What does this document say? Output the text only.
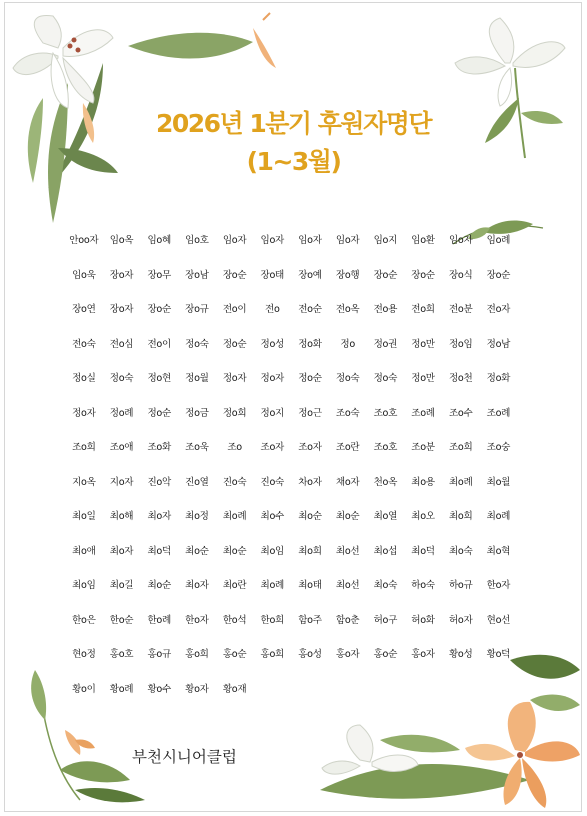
2026년 1분기 후원자명단
(1~3월)
안oo자	임o옥	임o혜	임o호	임o자	임o자	임o자	임o자	임o지	임o환	임o자	임o례
임o욱	장o자	장o무	장o남	장o순	장o태	장o예	장o행	장o순	장o순	장o식	장o순
장o연	장o자	장o순	장o규	전o이	전o	전o순	전o옥	전o용	전o희	전o분	전o자
전o숙	전o심	전o이	정o숙	정o순	정o성	정o화	정o	정o권	정o만	정o임	정o남
정o실	정o숙	정o현	정o월	정o자	정o자	정o순	정o숙	정o숙	정o만	정o천	정o화
정o자	정o례	정o순	정o금	정o희	정o지	정o근	조o숙	조o호	조o례	조o수	조o례
조o희	조o애	조o화	조o욱	조o	조o자	조o자	조o란	조o호	조o분	조o희	조o숭
지o옥	지o자	진o악	진o열	진o숙	진o숙	차o자	채o자	천o옥	최o용	최o례	최o월
최o일	최o해	최o자	최o정	최o례	최o수	최o순	최o순	최o열	최o오	최o희	최o례
최o애	최o자	최o덕	최o순	최o순	최o임	최o희	최o선	최o섭	최o덕	최o숙	최o혁
최o임	최o길	최o순	최o자	최o란	최o례	최o태	최o선	최o숙	하o숙	하o규	한o자
한o은	한o순	한o례	한o자	한o석	한o희	함o주	함o춘	허o구	허o화	허o자	현o선
현o정	홍o호	홍o규	홍o희	홍o순	홍o희	홍o성	홍o자	홍o순	홍o자	황o성	황o덕
황o이	황o례	황o수	황o자	황o재
부천시니어클럽
